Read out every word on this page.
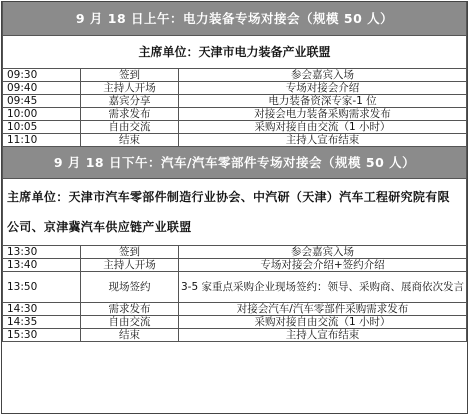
9 月 18 日上午：电力装备专场对接会（规模 50 人）		
主席单位：天津市电力装备产业联盟		
09:30	签到	参会嘉宾入场
09:40	主持人开场	专场对接会介绍
09:45	嘉宾分享	电力装备资深专家-1 位
10:00	需求发布	对接会电力装备采购需求发布
10:05	自由交流	采购对接自由交流（1 小时）
11:10	结束	主持人宣布结束
9 月 18 日下午：汽车/汽车零部件专场对接会（规模 50 人）		
主席单位：天津市汽车零部件制造行业协会、中汽研（天津）汽车工程研究院有限公司、京津冀汽车供应链产业联盟		
13:30	签到	参会嘉宾入场
13:40	主持人开场	专场对接会介绍+签约介绍
13:50	现场签约	3-5 家重点采购企业现场签约：领导、采购商、展商依次发言
14:30	需求发布	对接会汽车/汽车零部件采购需求发布
14:35	自由交流	采购对接自由交流（1 小时）
15:30	结束	主持人宣布结束
